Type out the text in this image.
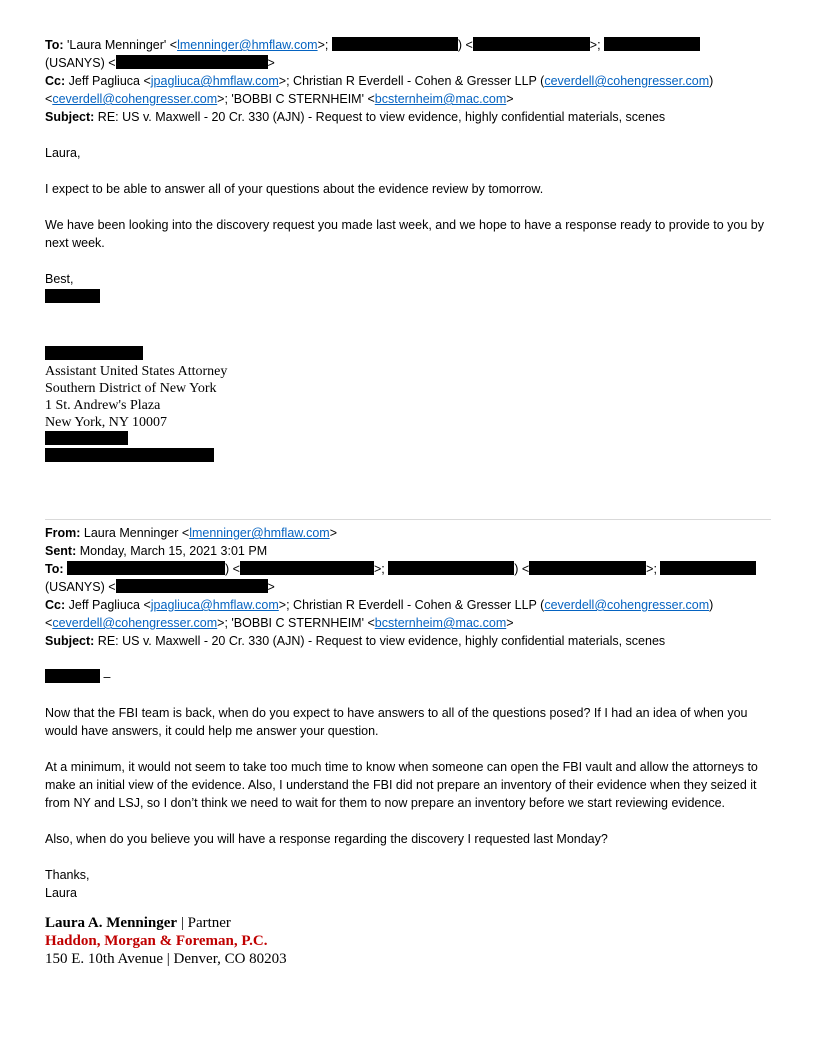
To: 'Laura Menninger' <lmenninger@hmflaw.com>;	) <	>;
(USANYS) <	>
Cc: Jeff Pagliuca <jpagliuca@hmflaw.com>; Christian R Everdell - Cohen & Gresser LLP (ceverdell@cohengresser.com)
<ceverdell@cohengresser.com>; 'BOBBI C STERNHEIM' <bcsternheim@mac.com>
Subject: RE: US v. Maxwell - 20 Cr. 330 (AJN) - Request to view evidence, highly confidential materials, scenes

Laura,

I expect to be able to answer all of your questions about the evidence review by tomorrow.

We have been looking into the discovery request you made last week, and we hope to have a response ready to provide to you by next week.

Best,

Assistant United States Attorney
Southern District of New York
1 St. Andrew's Plaza
New York, NY 10007
From: Laura Menninger <lmenninger@hmflaw.com>
Sent: Monday, March 15, 2021 3:01 PM
To:	) <	>;	) <	>;
(USANYS) <	>
Cc: Jeff Pagliuca <jpagliuca@hmflaw.com>; Christian R Everdell - Cohen & Gresser LLP (ceverdell@cohengresser.com)
<ceverdell@cohengresser.com>; 'BOBBI C STERNHEIM' <bcsternheim@mac.com>
Subject: RE: US v. Maxwell - 20 Cr. 330 (AJN) - Request to view evidence, highly confidential materials, scenes
–

Now that the FBI team is back, when do you expect to have answers to all of the questions posed? If I had an idea of when you would have answers, it could help me answer your question.

At a minimum, it would not seem to take too much time to know when someone can open the FBI vault and allow the attorneys to make an initial view of the evidence. Also, I understand the FBI did not prepare an inventory of their evidence when they seized it from NY and LSJ, so I don’t think we need to wait for them to now prepare an inventory before we start reviewing evidence.

Also, when do you believe you will have a response regarding the discovery I requested last Monday?

Thanks,

Laura

Laura A. Menninger | Partner
Haddon, Morgan & Foreman, P.C.
150 E. 10th Avenue | Denver, CO 80203
